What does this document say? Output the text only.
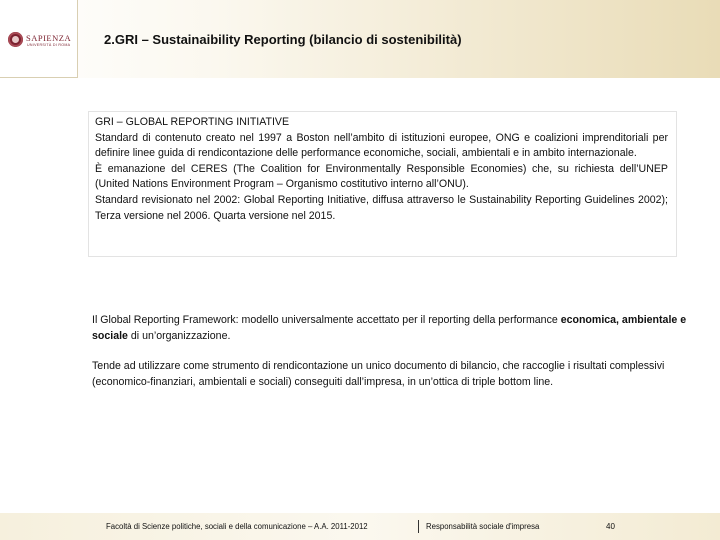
SAPIENZA
UNIVERSITÀ DI ROMA	2.GRI – Sustainaibility Reporting (bilancio di sostenibilità)

GRI – GLOBAL REPORTING INITIATIVE

Standard di contenuto creato nel 1997 a Boston nell’ambito di istituzioni europee, ONG e coalizioni imprenditoriali per definire linee guida di rendicontazione delle performance economiche, sociali, ambientali e in ambito internazionale.

È emanazione del CERES (The Coalition for Environmentally Responsible Economies) che, su richiesta dell’UNEP (United Nations Environment Program – Organismo costitutivo interno all’ONU).

Standard revisionato nel 2002: Global Reporting Initiative, diffusa attraverso le Sustainability Reporting Guidelines 2002); Terza versione nel 2006. Quarta versione nel 2015.

Il Global Reporting Framework: modello universalmente accettato per il reporting della performance economica, ambientale e sociale di un’organizzazione.

Tende ad utilizzare come strumento di rendicontazione un unico documento di bilancio, che raccoglie i risultati complessivi (economico-finanziari, ambientali e sociali) conseguiti dall’impresa, in un’ottica di triple bottom line.

Facoltà di Scienze politiche, sociali e della comunicazione – A.A. 2011-2012	Responsabilità sociale d'impresa	40
